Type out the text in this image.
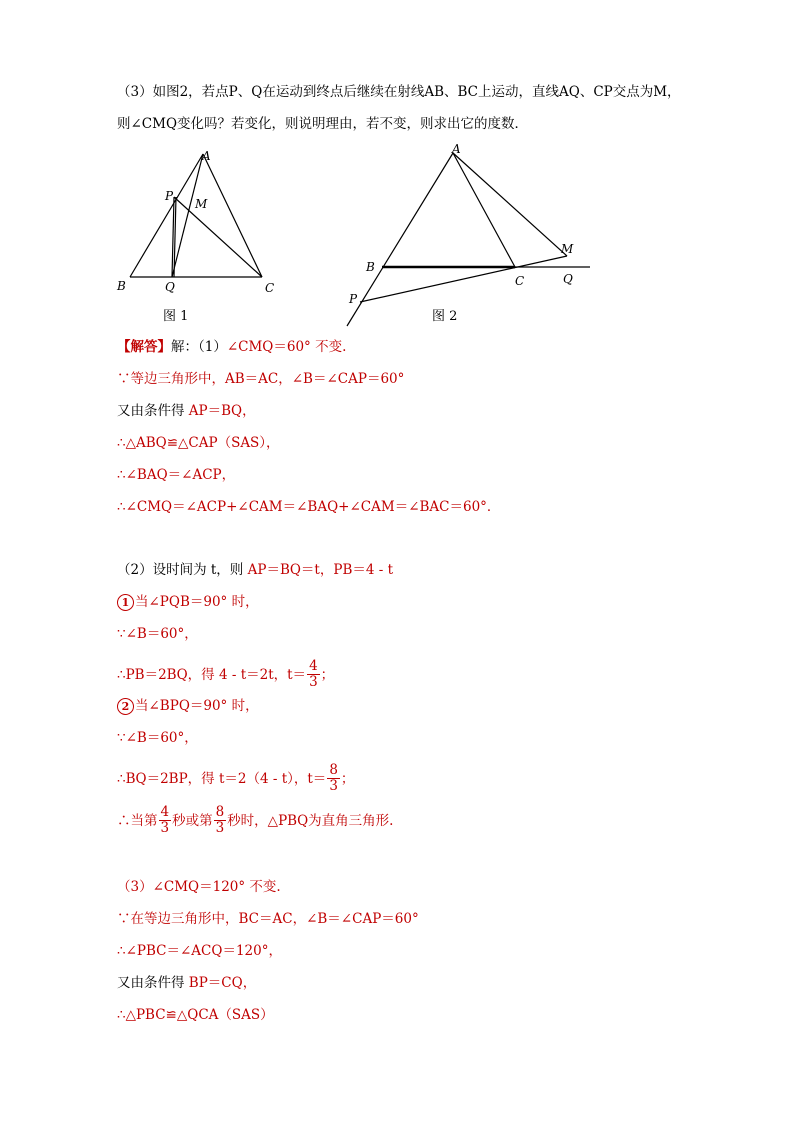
（3）如图2，若点P、Q在运动到终点后继续在射线AB、BC上运动，直线AQ、CP交点为M，
则∠CMQ变化吗？若变化，则说明理由，若不变，则求出它的度数．
A
P
M
B	Q	C
图 1
A
M
B
C	Q
P
图 2
【解答】解：（1）∠CMQ＝60° 不变.
∵等边三角形中，AB＝AC，∠B＝∠CAP＝60°
又由条件得 AP＝BQ，
∴△ABQ≌△CAP（SAS），
∴∠BAQ＝∠ACP，
∴∠CMQ＝∠ACP+∠CAM＝∠BAQ+∠CAM＝∠BAC＝60°．
（2）设时间为 t，则 AP＝BQ＝t，PB＝4 - t
1 当∠PQB＝90° 时，
∵∠B＝60°，
∴PB＝2BQ，得 4 - t＝2t，$t= \frac{4}{3}$ ；
2 当∠BPQ＝90° 时，
∵∠B＝60°，
∴BQ＝2BP，得 t＝2（4 - t），$t= \frac{8}{3}$ ；
∴当第 $\frac{4}{3}$ 秒或第 $\frac{8}{3}$ 秒时，△PBQ为直角三角形.
（3）∠CMQ＝120° 不变.
∵在等边三角形中，BC＝AC，∠B＝∠CAP＝60°
∴∠PBC＝∠ACQ＝120°，
又由条件得 BP＝CQ，
∴△PBC≌△QCA（SAS）
